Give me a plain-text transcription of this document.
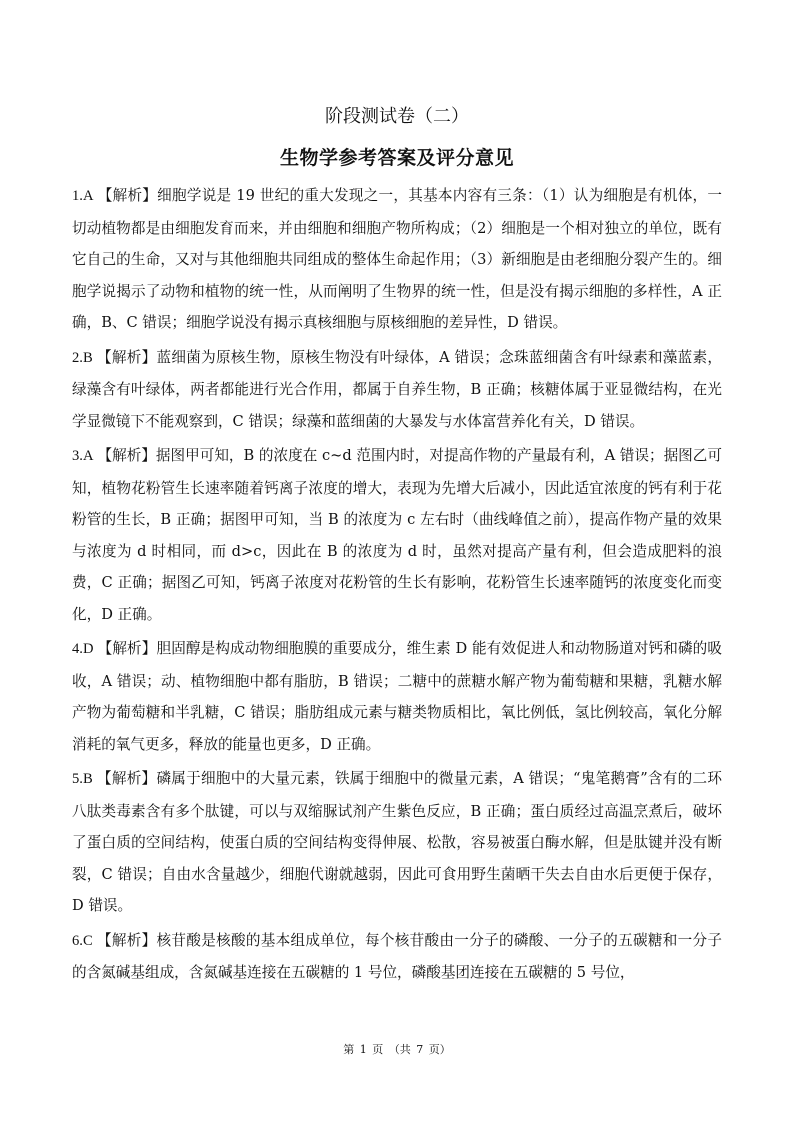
阶段测试卷（二）
生物学参考答案及评分意见

1.A 【解析】细胞学说是 19 世纪的重大发现之一，其基本内容有三条：（1）认为细胞是有机体，一切动植物都是由细胞发育而来，并由细胞和细胞产物所构成；（2）细胞是一个相对独立的单位，既有它自己的生命，又对与其他细胞共同组成的整体生命起作用；（3）新细胞是由老细胞分裂产生的。细胞学说揭示了动物和植物的统一性，从而阐明了生物界的统一性，但是没有揭示细胞的多样性，A 正确，B、C 错误；细胞学说没有揭示真核细胞与原核细胞的差异性，D 错误。

2.B 【解析】蓝细菌为原核生物，原核生物没有叶绿体，A 错误；念珠蓝细菌含有叶绿素和藻蓝素，绿藻含有叶绿体，两者都能进行光合作用，都属于自养生物，B 正确；核糖体属于亚显微结构，在光学显微镜下不能观察到，C 错误；绿藻和蓝细菌的大暴发与水体富营养化有关，D 错误。

3.A 【解析】据图甲可知，B 的浓度在 c~d 范围内时，对提高作物的产量最有利，A 错误；据图乙可知，植物花粉管生长速率随着钙离子浓度的增大，表现为先增大后减小，因此适宜浓度的钙有利于花粉管的生长，B 正确；据图甲可知，当 B 的浓度为 c 左右时（曲线峰值之前），提高作物产量的效果与浓度为 d 时相同，而 d>c，因此在 B 的浓度为 d 时，虽然对提高产量有利，但会造成肥料的浪费，C 正确；据图乙可知，钙离子浓度对花粉管的生长有影响，花粉管生长速率随钙的浓度变化而变化，D 正确。

4.D 【解析】胆固醇是构成动物细胞膜的重要成分，维生素 D 能有效促进人和动物肠道对钙和磷的吸收，A 错误；动、植物细胞中都有脂肪，B 错误；二糖中的蔗糖水解产物为葡萄糖和果糖，乳糖水解产物为葡萄糖和半乳糖，C 错误；脂肪组成元素与糖类物质相比，氧比例低，氢比例较高，氧化分解消耗的氧气更多，释放的能量也更多，D 正确。

5.B 【解析】磷属于细胞中的大量元素，铁属于细胞中的微量元素，A 错误；“鬼笔鹅膏”含有的二环八肽类毒素含有多个肽键，可以与双缩脲试剂产生紫色反应，B 正确；蛋白质经过高温烹煮后，破坏了蛋白质的空间结构，使蛋白质的空间结构变得伸展、松散，容易被蛋白酶水解，但是肽键并没有断裂，C 错误；自由水含量越少，细胞代谢就越弱，因此可食用野生菌晒干失去自由水后更便于保存，D 错误。

6.C 【解析】核苷酸是核酸的基本组成单位，每个核苷酸由一分子的磷酸、一分子的五碳糖和一分子的含氮碱基组成，含氮碱基连接在五碳糖的 1 号位，磷酸基团连接在五碳糖的 5 号位，

第 1 页 （共 7 页）
